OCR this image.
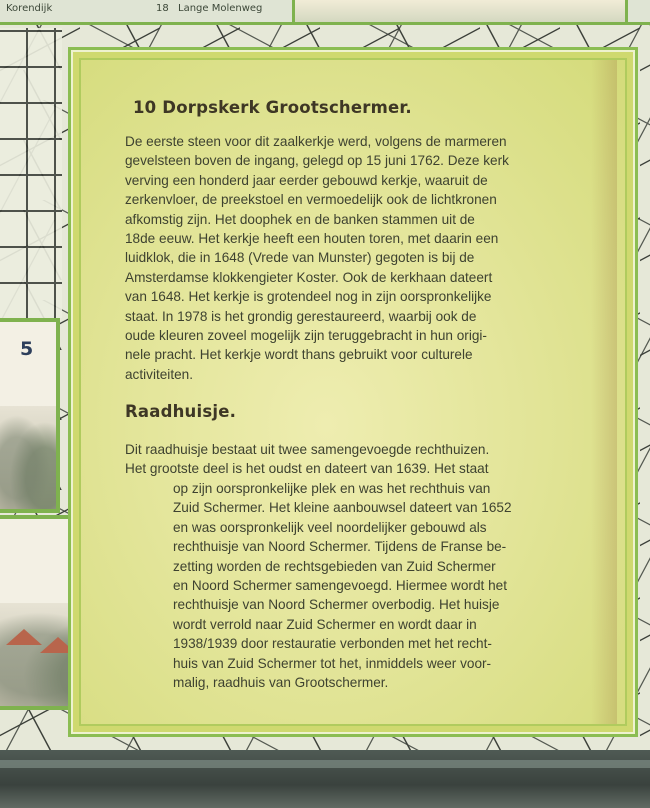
Korendijk	18 Lange Molenweg
5
10 Dorpskerk Grootschermer.

De eerste steen voor dit zaalkerkje werd, volgens de marmeren
gevelsteen boven de ingang, gelegd op 15 juni 1762. Deze kerk
verving een honderd jaar eerder gebouwd kerkje, waaruit de
zerkenvloer, de preekstoel en vermoedelijk ook de lichtkronen
afkomstig zijn. Het doophek en de banken stammen uit de
18de eeuw. Het kerkje heeft een houten toren, met daarin een
luidklok, die in 1648 (Vrede van Munster) gegoten is bij de
Amsterdamse klokkengieter Koster. Ook de kerkhaan dateert
van 1648. Het kerkje is grotendeel nog in zijn oorspronkelijke
staat. In 1978 is het grondig gerestaureerd, waarbij ook de
oude kleuren zoveel mogelijk zijn teruggebracht in hun origi-
nele pracht. Het kerkje wordt thans gebruikt voor culturele
activiteiten.

Raadhuisje.

Dit raadhuisje bestaat uit twee samengevoegde rechthuizen.
Het grootste deel is het oudst en dateert van 1639. Het staat

op zijn oorspronkelijke plek en was het rechthuis van
Zuid Schermer. Het kleine aanbouwsel dateert van 1652
en was oorspronkelijk veel noordelijker gebouwd als
rechthuisje van Noord Schermer. Tijdens de Franse be-
zetting worden de rechtsgebieden van Zuid Schermer
en Noord Schermer samengevoegd. Hiermee wordt het
rechthuisje van Noord Schermer overbodig. Het huisje
wordt verrold naar Zuid Schermer en wordt daar in
1938/1939 door restauratie verbonden met het recht-
huis van Zuid Schermer tot het, inmiddels weer voor-
malig, raadhuis van Grootschermer.
